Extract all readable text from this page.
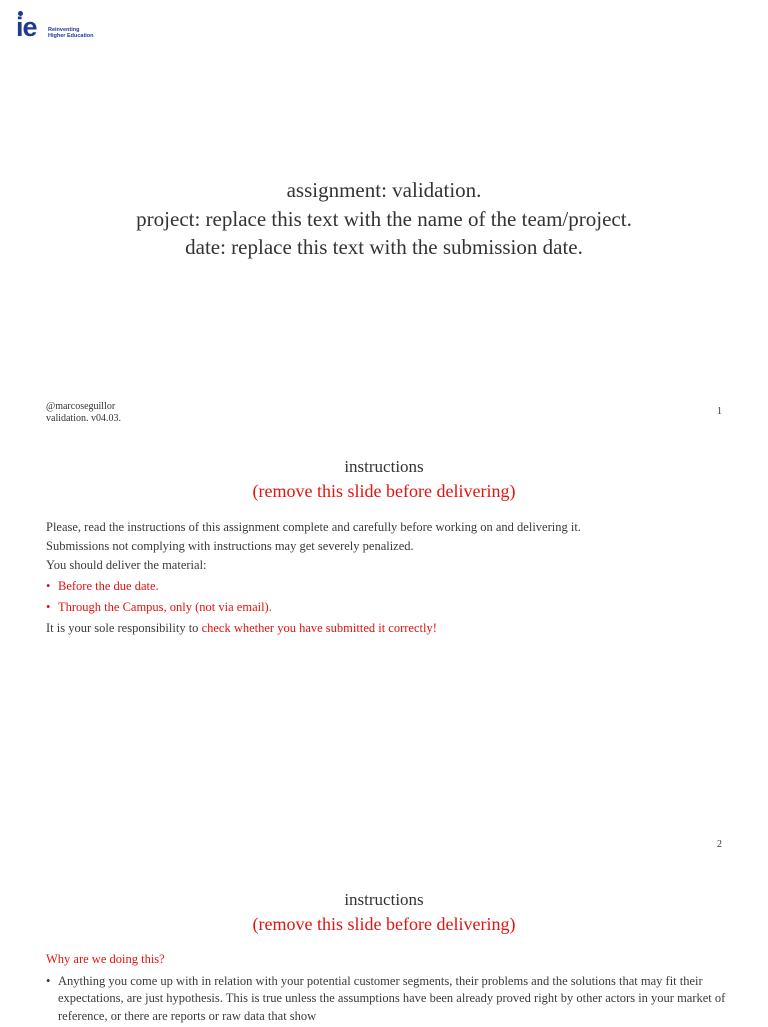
ie Reinventing
Higher Education
assignment: validation.
project: replace this text with the name of the team/project.
date: replace this text with the submission date.
@marcoseguillor
validation. v04.03.
1
instructions
(remove this slide before delivering)

Please, read the instructions of this assignment complete and carefully before working on and delivering it.

Submissions not complying with instructions may get severely penalized.

You should deliver the material:

• Before the due date.

• Through the Campus, only (not via email).

It is your sole responsibility to check whether you have submitted it correctly!

2
instructions
(remove this slide before delivering)

Why are we doing this?

• Anything you come up with in relation with your potential customer segments, their problems and the solutions that may fit their expectations, are just hypothesis. This is true unless the assumptions have been already proved right by other actors in your market of reference, or there are reports or raw data that show
